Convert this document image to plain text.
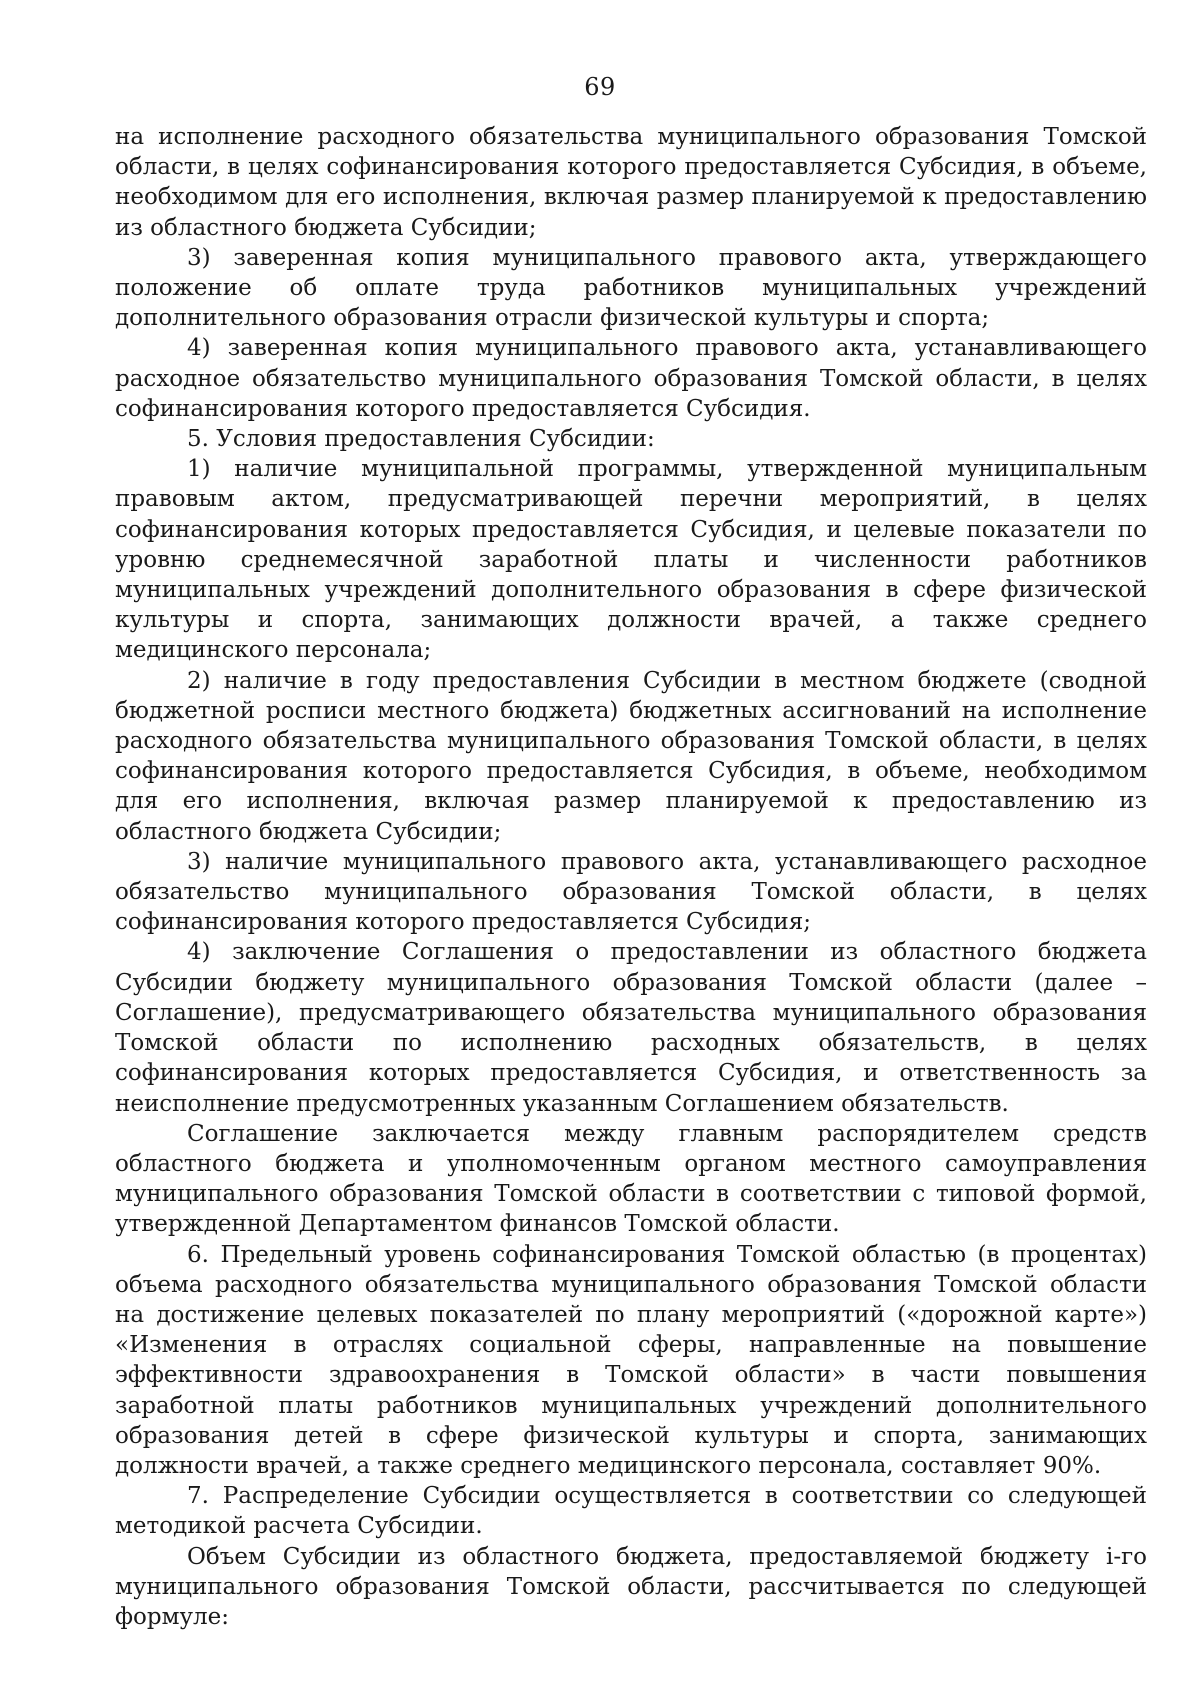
69

на исполнение расходного обязательства муниципального образования Томской области, в целях софинансирования которого предоставляется Субсидия, в объеме, необходимом для его исполнения, включая размер планируемой к предоставлению из областного бюджета Субсидии;

3) заверенная копия муниципального правового акта, утверждающего положение об оплате труда работников муниципальных учреждений дополнительного образования отрасли физической культуры и спорта;

4) заверенная копия муниципального правового акта, устанавливающего расходное обязательство муниципального образования Томской области, в целях софинансирования которого предоставляется Субсидия.

5. Условия предоставления Субсидии:

1) наличие муниципальной программы, утвержденной муниципальным правовым актом, предусматривающей перечни мероприятий, в целях софинансирования которых предоставляется Субсидия, и целевые показатели по уровню среднемесячной заработной платы и численности работников муниципальных учреждений дополнительного образования в сфере физической культуры и спорта, занимающих должности врачей, а также среднего медицинского персонала;

2) наличие в году предоставления Субсидии в местном бюджете (сводной бюджетной росписи местного бюджета) бюджетных ассигнований на исполнение расходного обязательства муниципального образования Томской области, в целях софинансирования которого предоставляется Субсидия, в объеме, необходимом для его исполнения, включая размер планируемой к предоставлению из областного бюджета Субсидии;

3) наличие муниципального правового акта, устанавливающего расходное обязательство муниципального образования Томской области, в целях софинансирования которого предоставляется Субсидия;

4) заключение Соглашения о предоставлении из областного бюджета Субсидии бюджету муниципального образования Томской области (далее – Соглашение), предусматривающего обязательства муниципального образования Томской области по исполнению расходных обязательств, в целях софинансирования которых предоставляется Субсидия, и ответственность за неисполнение предусмотренных указанным Соглашением обязательств.

Соглашение заключается между главным распорядителем средств областного бюджета и уполномоченным органом местного самоуправления муниципального образования Томской области в соответствии с типовой формой, утвержденной Департаментом финансов Томской области.

6. Предельный уровень софинансирования Томской областью (в процентах) объема расходного обязательства муниципального образования Томской области на достижение целевых показателей по плану мероприятий («дорожной карте») «Изменения в отраслях социальной сферы, направленные на повышение эффективности здравоохранения в Томской области» в части повышения заработной платы работников муниципальных учреждений дополнительного образования детей в сфере физической культуры и спорта, занимающих должности врачей, а также среднего медицинского персонала, составляет 90%.

7. Распределение Субсидии осуществляется в соответствии со следующей методикой расчета Субсидии.

Объем Субсидии из областного бюджета, предоставляемой бюджету i-го муниципального образования Томской области, рассчитывается по следующей формуле:
